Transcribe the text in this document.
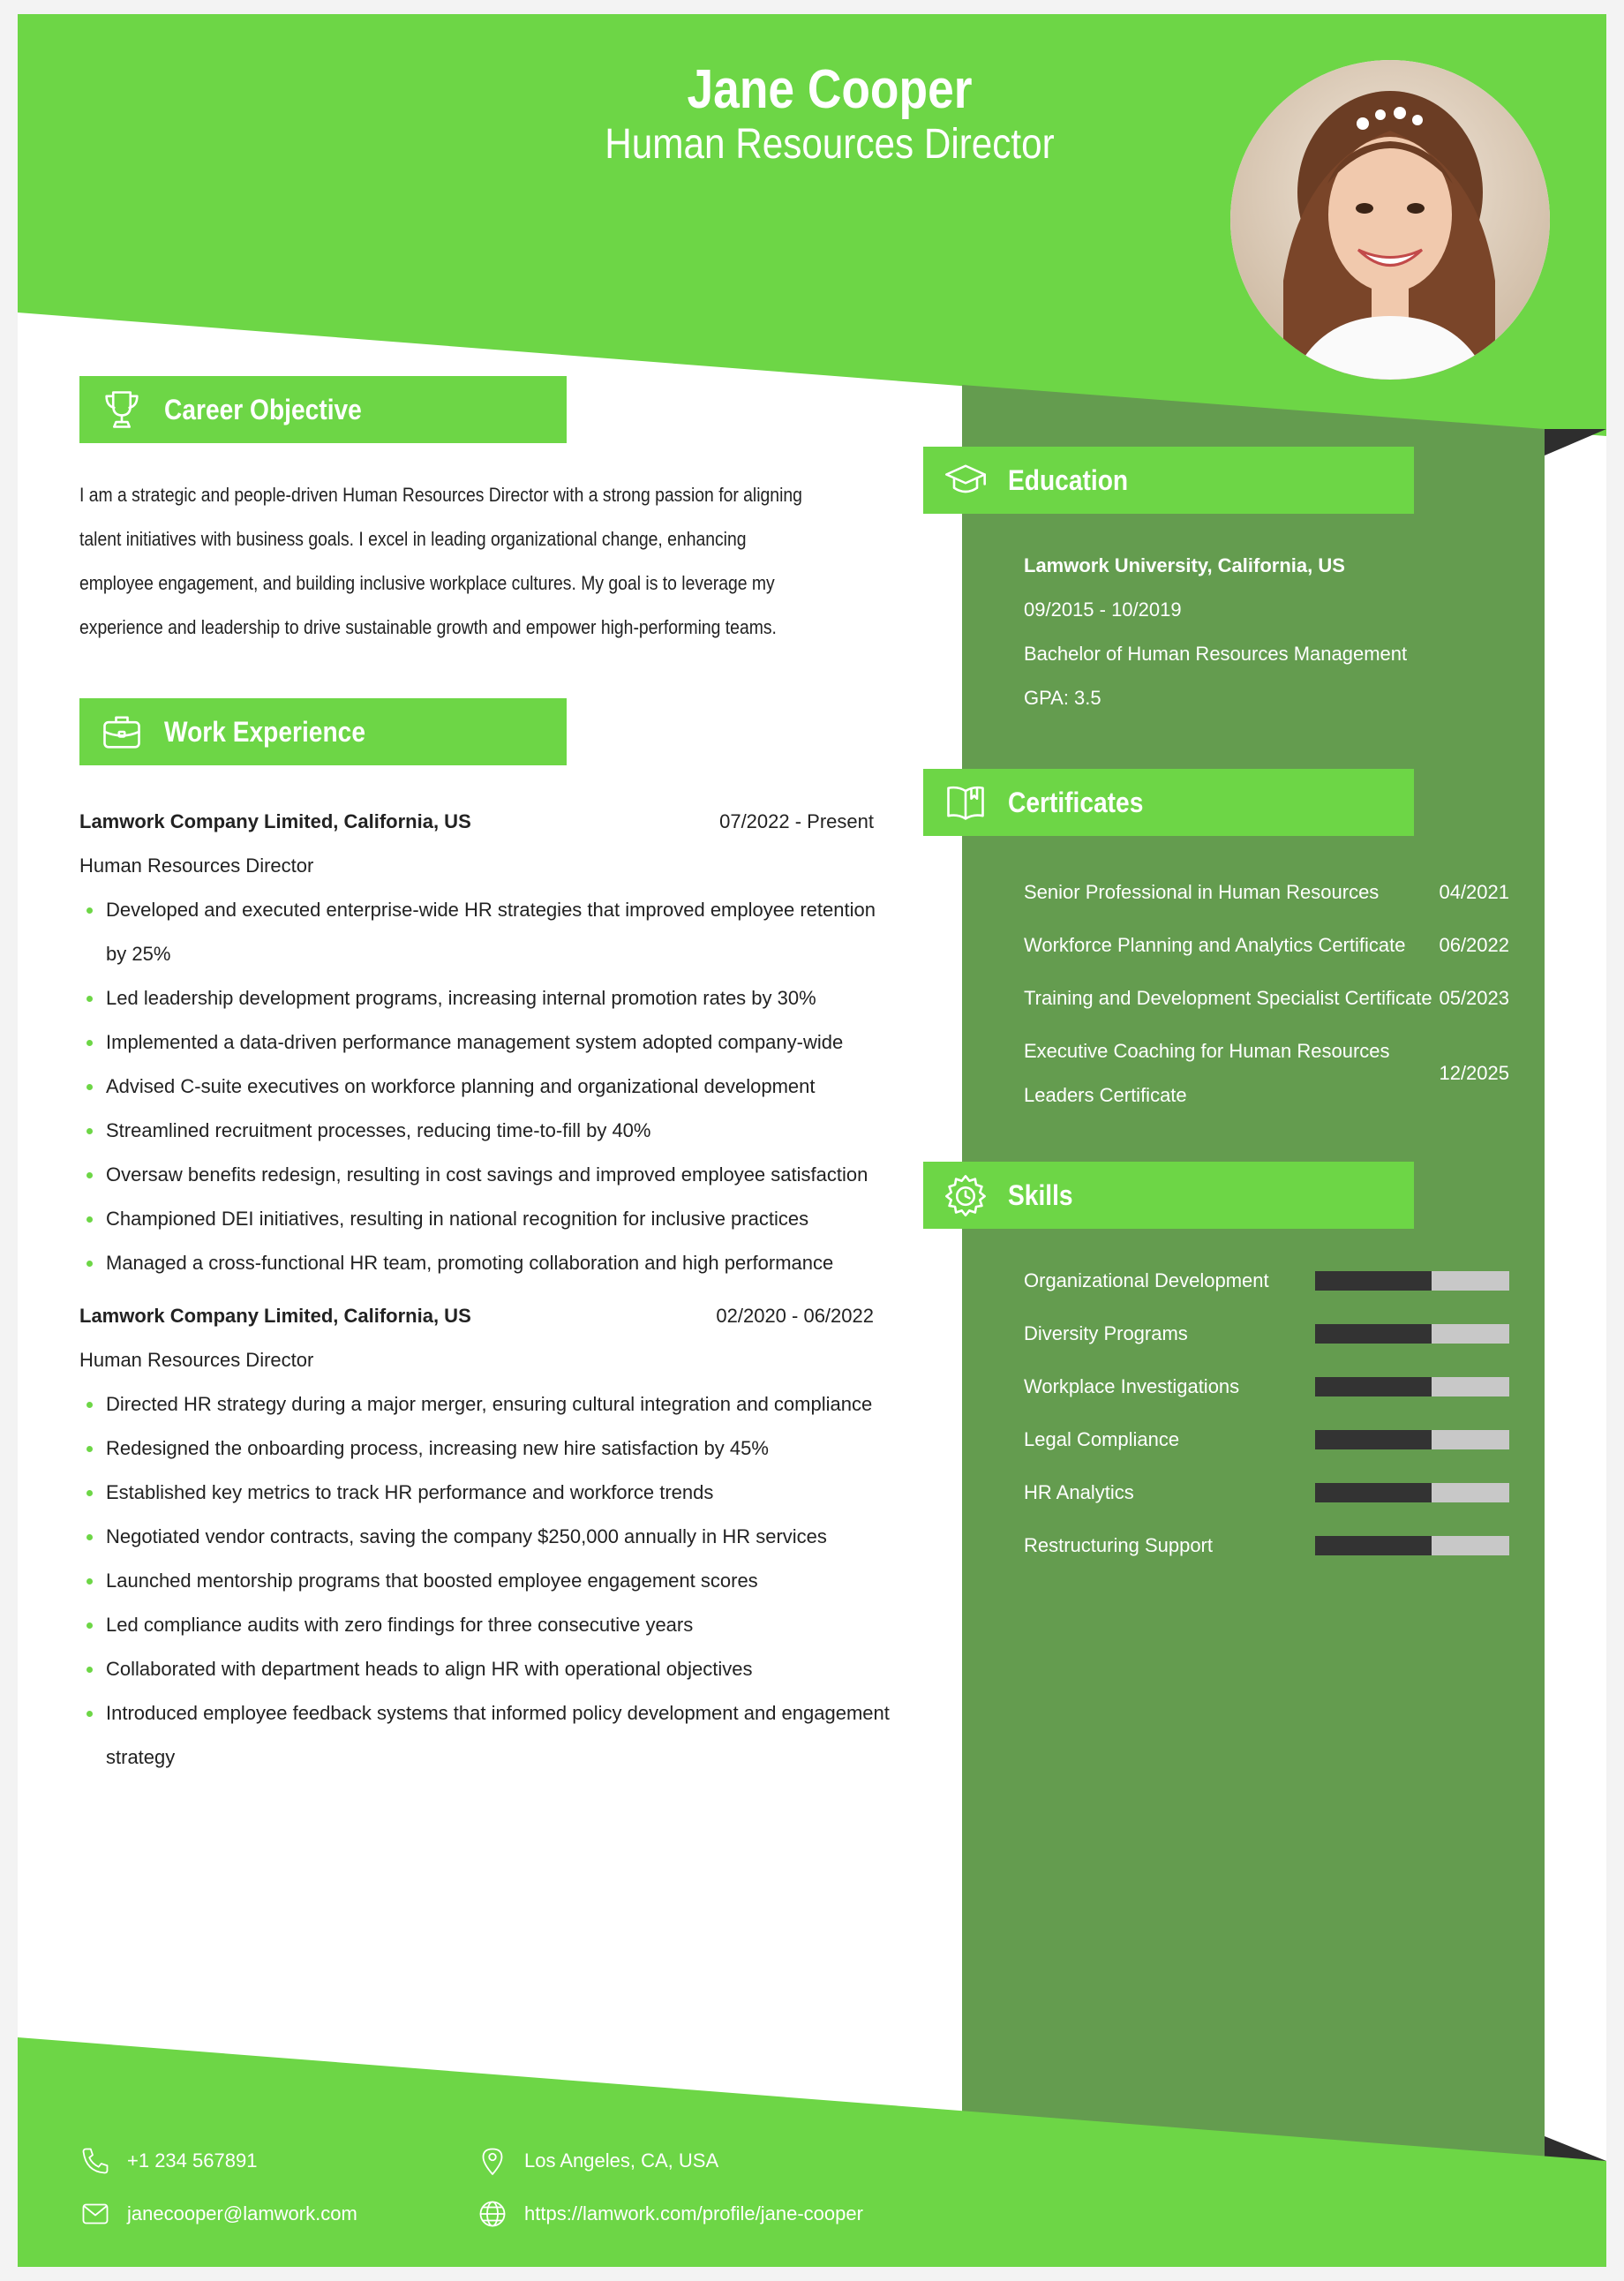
Jane Cooper
Human Resources Director
Career Objective
I am a strategic and people-driven Human Resources Director with a strong passion for aligning
talent initiatives with business goals. I excel in leading organizational change, enhancing
employee engagement, and building inclusive workplace cultures. My goal is to leverage my
experience and leadership to drive sustainable growth and empower high-performing teams.
Work Experience
Lamwork Company Limited, California, US	07/2022 - Present
Human Resources Director
Developed and executed enterprise-wide HR strategies that improved employee retention by 25%
Led leadership development programs, increasing internal promotion rates by 30%
Implemented a data-driven performance management system adopted company-wide
Advised C-suite executives on workforce planning and organizational development
Streamlined recruitment processes, reducing time-to-fill by 40%
Oversaw benefits redesign, resulting in cost savings and improved employee satisfaction
Championed DEI initiatives, resulting in national recognition for inclusive practices
Managed a cross-functional HR team, promoting collaboration and high performance
Lamwork Company Limited, California, US	02/2020 - 06/2022
Human Resources Director
Directed HR strategy during a major merger, ensuring cultural integration and compliance
Redesigned the onboarding process, increasing new hire satisfaction by 45%
Established key metrics to track HR performance and workforce trends
Negotiated vendor contracts, saving the company $250,000 annually in HR services
Launched mentorship programs that boosted employee engagement scores
Led compliance audits with zero findings for three consecutive years
Collaborated with department heads to align HR with operational objectives
Introduced employee feedback systems that informed policy development and engagement strategy
Education
Lamwork University, California, US
09/2015 - 10/2019
Bachelor of Human Resources Management
GPA: 3.5
Certificates
Senior Professional in Human Resources	04/2021
Workforce Planning and Analytics Certificate	06/2022
Training and Development Specialist Certificate 05/2023
Executive Coaching for Human Resources Leaders Certificate
12/2025
Skills
Organizational Development
Diversity Programs
Workplace Investigations
Legal Compliance
HR Analytics
Restructuring Support
+1 234 567891	Los Angeles, CA, USA
janecooper@lamwork.com	https://lamwork.com/profile/jane-cooper
